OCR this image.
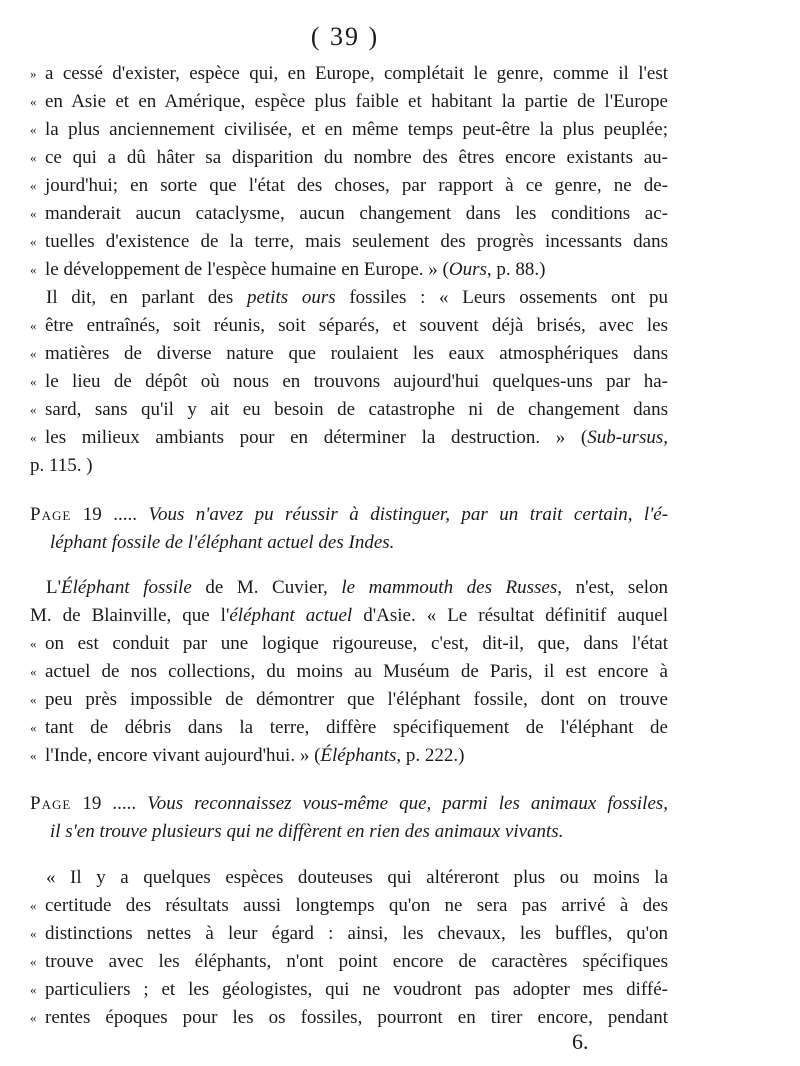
( 39 )
» a cessé d'exister, espèce qui, en Europe, complétait le genre, comme il l'est
« en Asie et en Amérique, espèce plus faible et habitant la partie de l'Europe
« la plus anciennement civilisée, et en même temps peut-être la plus peuplée;
« ce qui a dû hâter sa disparition du nombre des êtres encore existants au-
« jourd'hui; en sorte que l'état des choses, par rapport à ce genre, ne de-
« manderait aucun cataclysme, aucun changement dans les conditions ac-
« tuelles d'existence de la terre, mais seulement des progrès incessants dans
« le développement de l'espèce humaine en Europe. » (Ours, p. 88.)
Il dit, en parlant des petits ours fossiles : « Leurs ossements ont pu
« être entraînés, soit réunis, soit séparés, et souvent déjà brisés, avec les
« matières de diverse nature que roulaient les eaux atmosphériques dans
« le lieu de dépôt où nous en trouvons aujourd'hui quelques-uns par ha-
« sard, sans qu'il y ait eu besoin de catastrophe ni de changement dans
« les milieux ambiants pour en déterminer la destruction. » (Sub-ursus,
p. 115. )
Page 19 ..... Vous n'avez pu réussir à distinguer, par un trait certain, l'é-
léphant fossile de l'éléphant actuel des Indes.
L'Éléphant fossile de M. Cuvier, le mammouth des Russes, n'est, selon
M. de Blainville, que l'éléphant actuel d'Asie. « Le résultat définitif auquel
« on est conduit par une logique rigoureuse, c'est, dit-il, que, dans l'état
« actuel de nos collections, du moins au Muséum de Paris, il est encore à
« peu près impossible de démontrer que l'éléphant fossile, dont on trouve
« tant de débris dans la terre, diffère spécifiquement de l'éléphant de
« l'Inde, encore vivant aujourd'hui. » (Éléphants, p. 222.)
Page 19 ..... Vous reconnaissez vous-même que, parmi les animaux fossiles,
il s'en trouve plusieurs qui ne diffèrent en rien des animaux vivants.
« Il y a quelques espèces douteuses qui altéreront plus ou moins la
« certitude des résultats aussi longtemps qu'on ne sera pas arrivé à des
« distinctions nettes à leur égard : ainsi, les chevaux, les buffles, qu'on
« trouve avec les éléphants, n'ont point encore de caractères spécifiques
« particuliers ; et les géologistes, qui ne voudront pas adopter mes diffé-
« rentes époques pour les os fossiles, pourront en tirer encore, pendant
6.
